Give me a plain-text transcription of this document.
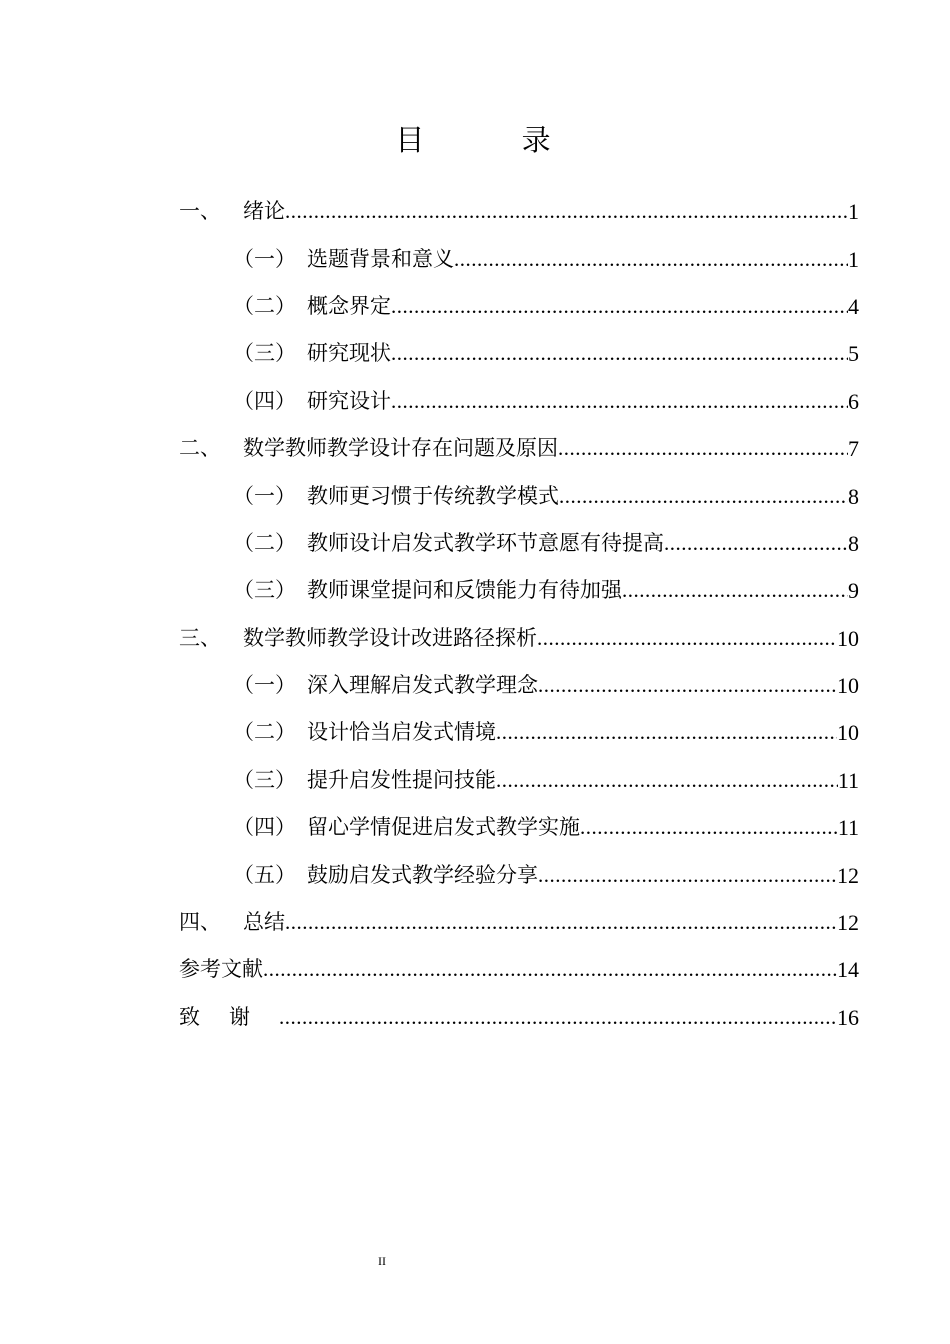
目 录
一、	绪论 .....	1
（一） 选题背景和意义 .....	1
（二） 概念界定 .....	4
（三） 研究现状 .....	5
（四） 研究设计 .....	6
二、	数学教师教学设计存在问题及原因 .....	7
（一） 教师更习惯于传统教学模式 .....	8
（二） 教师设计启发式教学环节意愿有待提高 .....	8
（三） 教师课堂提问和反馈能力有待加强 .....	9
三、	数学教师教学设计改进路径探析 .....	10
（一） 深入理解启发式教学理念 .....	10
（二） 设计恰当启发式情境 .....	10
（三） 提升启发性提问技能 .....	11
（四） 留心学情促进启发式教学实施 .....	11
（五） 鼓励启发式教学经验分享 .....	12
四、	总结 .....	12
参考文献 .....	14
致谢 .....	16
II
